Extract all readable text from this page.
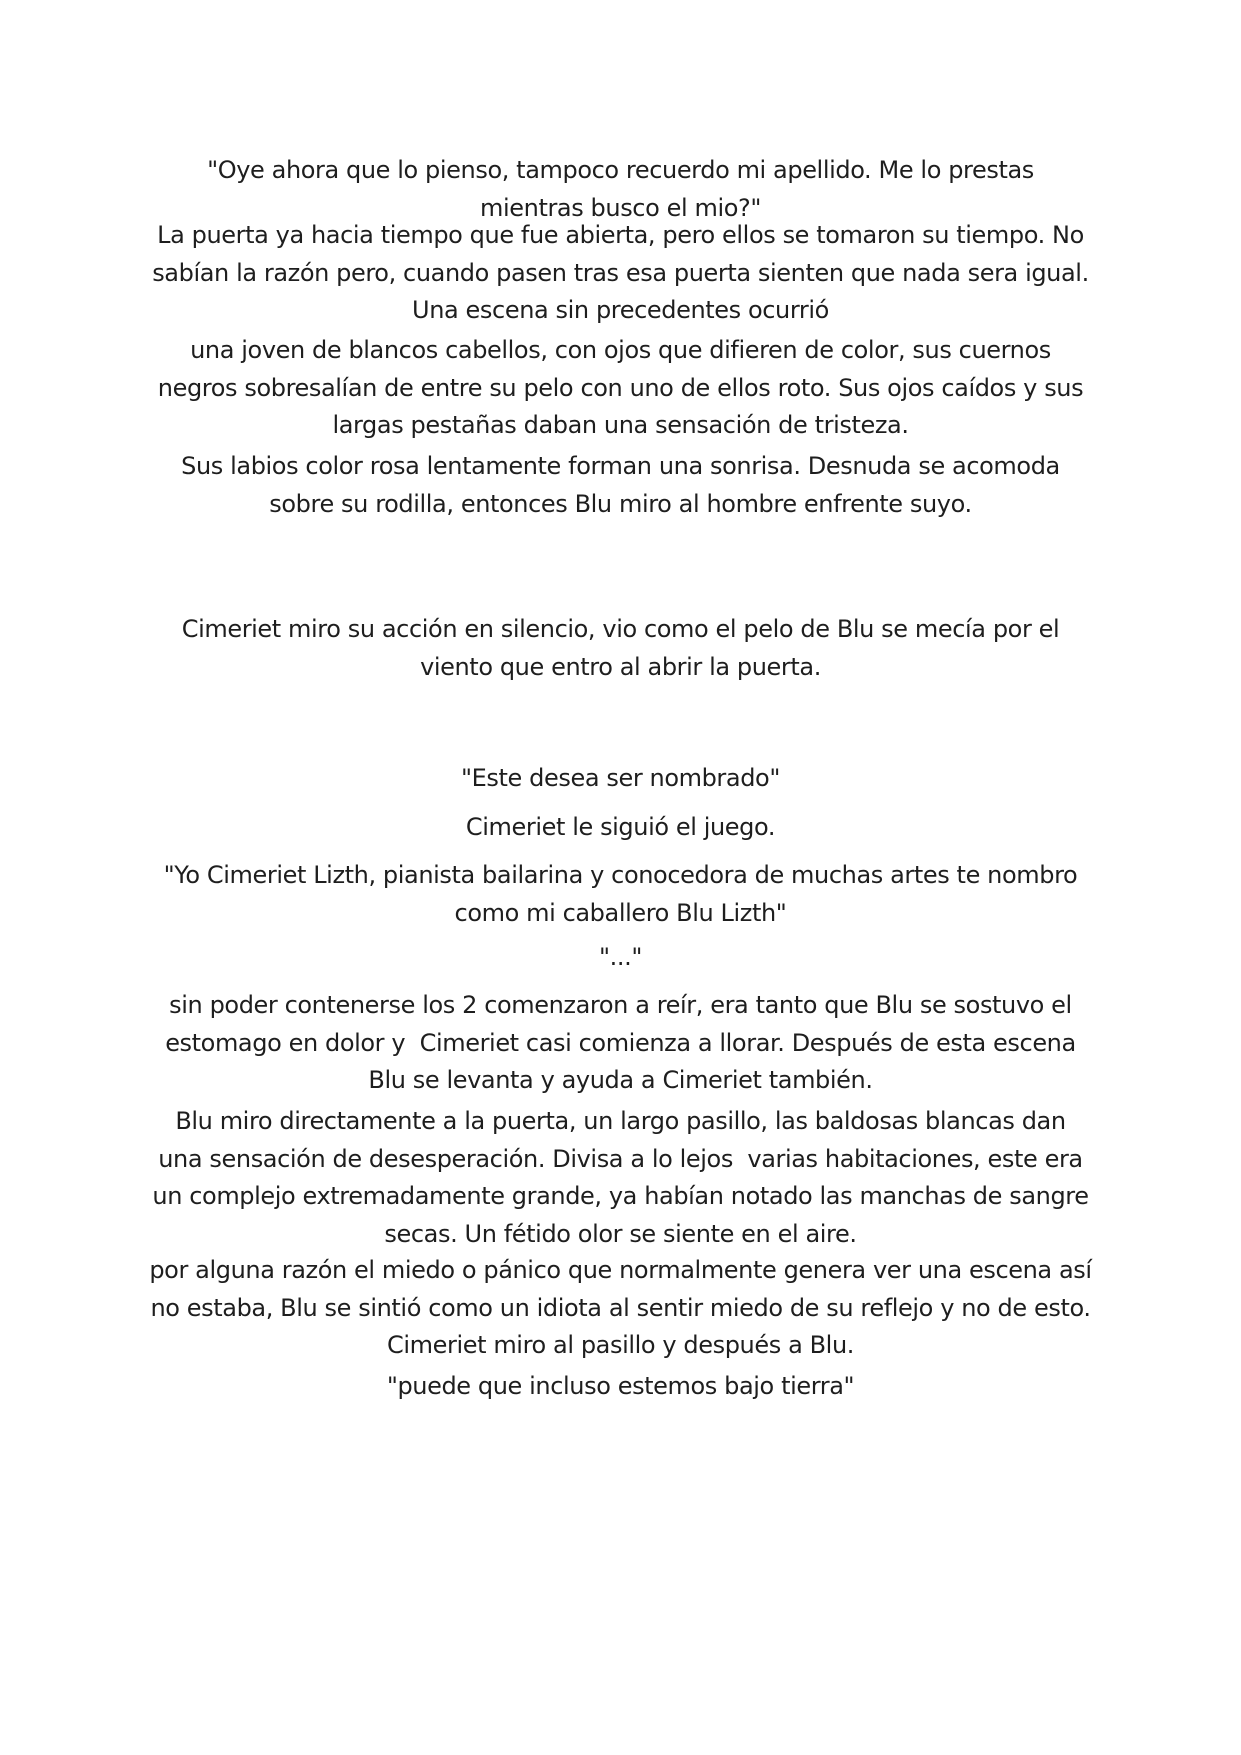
"Oye ahora que lo pienso, tampoco recuerdo mi apellido. Me lo prestas
mientras busco el mio?"

La puerta ya hacia tiempo que fue abierta, pero ellos se tomaron su tiempo. No
sabían la razón pero, cuando pasen tras esa puerta sienten que nada sera igual.
Una escena sin precedentes ocurrió

una joven de blancos cabellos, con ojos que difieren de color, sus cuernos
negros sobresalían de entre su pelo con uno de ellos roto. Sus ojos caídos y sus
largas pestañas daban una sensación de tristeza.

Sus labios color rosa lentamente forman una sonrisa. Desnuda se acomoda
sobre su rodilla, entonces Blu miro al hombre enfrente suyo.

Cimeriet miro su acción en silencio, vio como el pelo de Blu se mecía por el
viento que entro al abrir la puerta.

"Este desea ser nombrado"

Cimeriet le siguió el juego.

"Yo Cimeriet Lizth, pianista bailarina y conocedora de muchas artes te nombro
como mi caballero Blu Lizth"

"..."

sin poder contenerse los 2 comenzaron a reír, era tanto que Blu se sostuvo el
estomago en dolor y  Cimeriet casi comienza a llorar. Después de esta escena
Blu se levanta y ayuda a Cimeriet también.

Blu miro directamente a la puerta, un largo pasillo, las baldosas blancas dan
una sensación de desesperación. Divisa a lo lejos  varias habitaciones, este era
un complejo extremadamente grande, ya habían notado las manchas de sangre
secas. Un fétido olor se siente en el aire.

por alguna razón el miedo o pánico que normalmente genera ver una escena así
no estaba, Blu se sintió como un idiota al sentir miedo de su reflejo y no de esto.
Cimeriet miro al pasillo y después a Blu.

"puede que incluso estemos bajo tierra"
